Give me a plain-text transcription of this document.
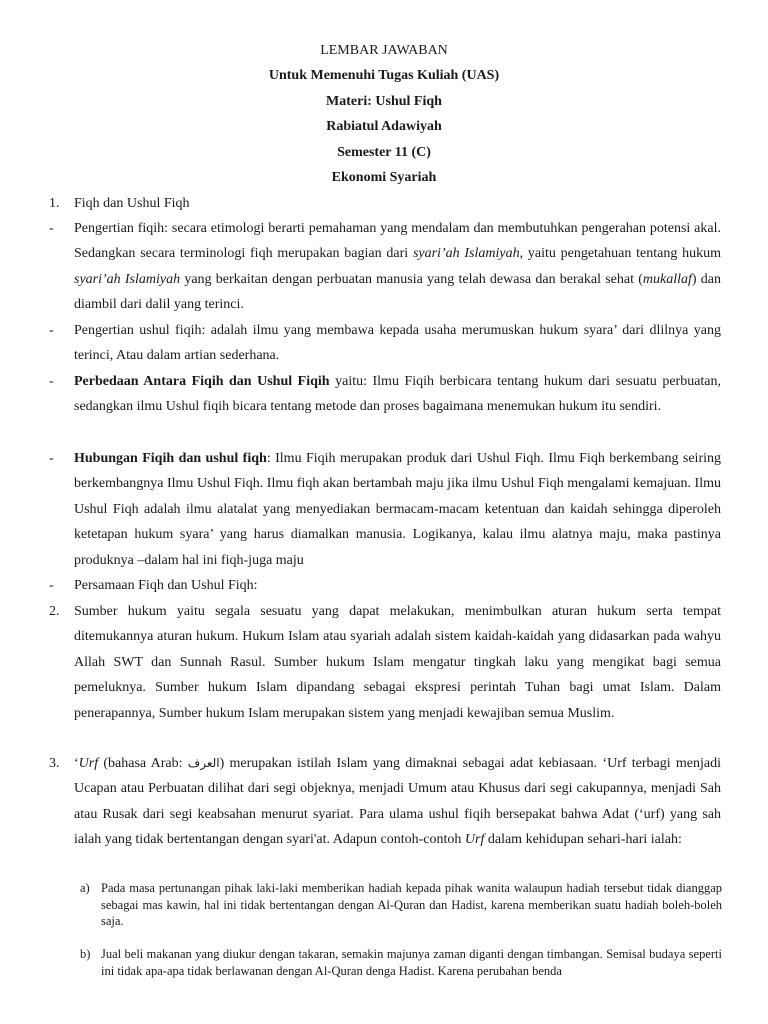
LEMBAR JAWABAN
Untuk Memenuhi Tugas Kuliah (UAS)
Materi: Ushul Fiqh
Rabiatul Adawiyah
Semester 11 (C)
Ekonomi Syariah
1. Fiqh dan Ushul Fiqh
- Pengertian fiqih: secara etimologi berarti pemahaman yang mendalam dan membutuhkan pengerahan potensi akal. Sedangkan secara terminologi fiqh merupakan bagian dari syari’ah Islamiyah, yaitu pengetahuan tentang hukum syari’ah Islamiyah yang berkaitan dengan perbuatan manusia yang telah dewasa dan berakal sehat (mukallaf) dan diambil dari dalil yang terinci.
- Pengertian ushul fiqih: adalah ilmu yang membawa kepada usaha merumuskan hukum syara’ dari dlilnya yang terinci, Atau dalam artian sederhana.
- Perbedaan Antara Fiqih dan Ushul Fiqih yaitu: Ilmu Fiqih berbicara tentang hukum dari sesuatu perbuatan, sedangkan ilmu Ushul fiqih bicara tentang metode dan proses bagaimana menemukan hukum itu sendiri.
- Hubungan Fiqih dan ushul fiqh: Ilmu Fiqih merupakan produk dari Ushul Fiqh. Ilmu Fiqh berkembang seiring berkembangnya Ilmu Ushul Fiqh. Ilmu fiqh akan bertambah maju jika ilmu Ushul Fiqh mengalami kemajuan. Ilmu Ushul Fiqh adalah ilmu alatalat yang menyediakan bermacam-macam ketentuan dan kaidah sehingga diperoleh ketetapan hukum syara’ yang harus diamalkan manusia. Logikanya, kalau ilmu alatnya maju, maka pastinya produknya –dalam hal ini fiqh-juga maju
- Persamaan Fiqh dan Ushul Fiqh:
2. Sumber hukum yaitu segala sesuatu yang dapat melakukan, menimbulkan aturan hukum serta tempat ditemukannya aturan hukum. Hukum Islam atau syariah adalah sistem kaidah-kaidah yang didasarkan pada wahyu Allah SWT dan Sunnah Rasul. Sumber hukum Islam mengatur tingkah laku yang mengikat bagi semua pemeluknya. Sumber hukum Islam dipandang sebagai ekspresi perintah Tuhan bagi umat Islam. Dalam penerapannya, Sumber hukum Islam merupakan sistem yang menjadi kewajiban semua Muslim.
3. ‘Urf (bahasa Arab: العرف) merupakan istilah Islam yang dimaknai sebagai adat kebiasaan. ‘Urf terbagi menjadi Ucapan atau Perbuatan dilihat dari segi objeknya, menjadi Umum atau Khusus dari segi cakupannya, menjadi Sah atau Rusak dari segi keabsahan menurut syariat. Para ulama ushul fiqih bersepakat bahwa Adat (‘urf) yang sah ialah yang tidak bertentangan dengan syari'at. Adapun contoh-contoh Urf dalam kehidupan sehari-hari ialah:
a) Pada masa pertunangan pihak laki-laki memberikan hadiah kepada pihak wanita walaupun hadiah tersebut tidak dianggap sebagai mas kawin, hal ini tidak bertentangan dengan Al-Quran dan Hadist, karena memberikan suatu hadiah boleh-boleh saja.
b) Jual beli makanan yang diukur dengan takaran, semakin majunya zaman diganti dengan timbangan. Semisal budaya seperti ini tidak apa-apa tidak berlawanan dengan Al-Quran denga Hadist. Karena perubahan benda
